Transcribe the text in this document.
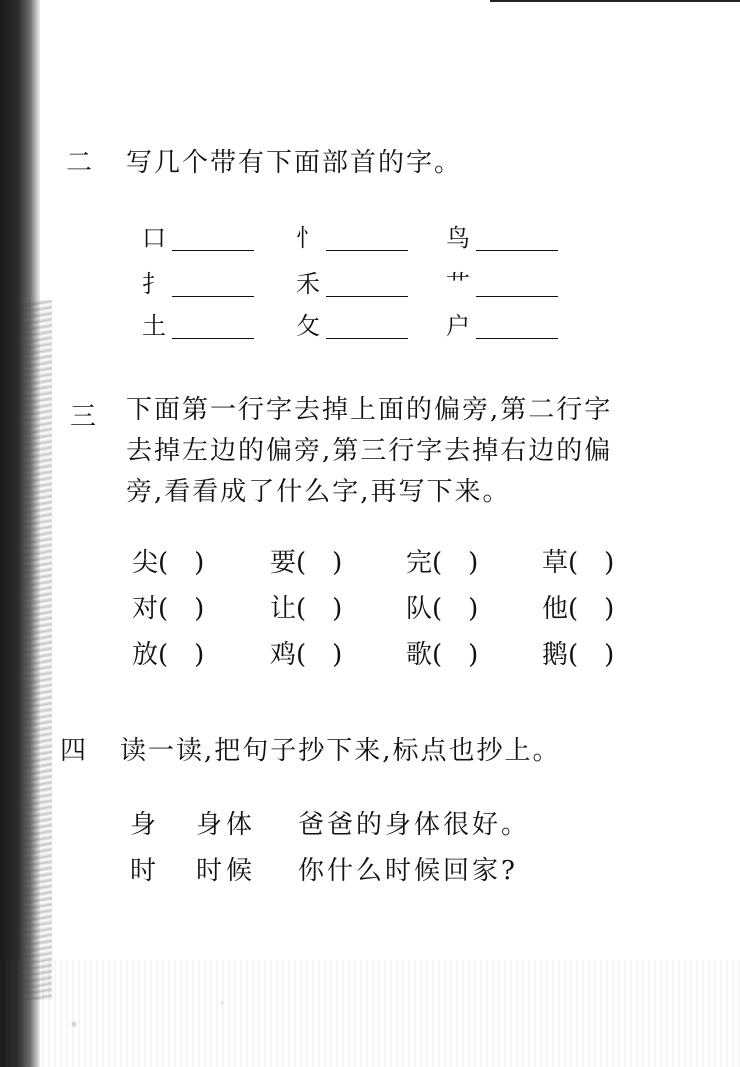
二 写几个带有下面部首的字。
口	忄	鸟
扌	禾	艹
土	攵	户
三 下面第一行字去掉上面的偏旁,第二行字
去掉左边的偏旁,第三行字去掉右边的偏
旁,看看成了什么字,再写下来。
尖(　)	要(　) 完(　) 草(　)
对(　)	让(　) 队(　) 他(　)
放(　)	鸡(　) 歌(　) 鹅(　)
四 读一读,把句子抄下来,标点也抄上。
身 身体 爸爸的身体很好。
时 时候 你什么时候回家?
